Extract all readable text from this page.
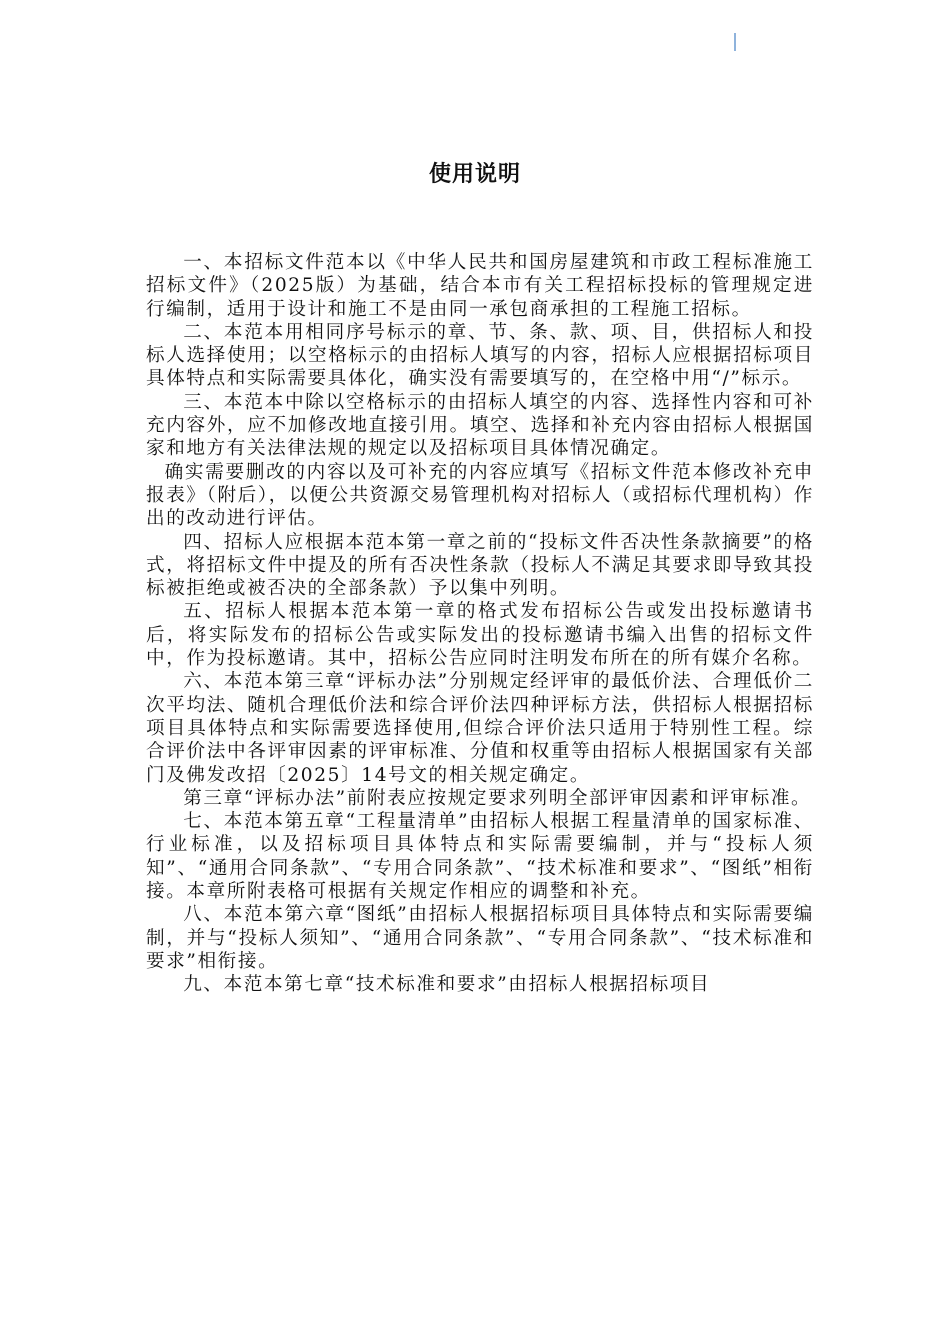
使用说明

一、本招标文件范本以《中华人民共和国房屋建筑和市政工程标准施工招标文件》（2025版）为基础，结合本市有关工程招标投标的管理规定进行编制，适用于设计和施工不是由同一承包商承担的工程施工招标。

二、本范本用相同序号标示的章、节、条、款、项、目，供招标人和投标人选择使用；以空格标示的由招标人填写的内容，招标人应根据招标项目具体特点和实际需要具体化，确实没有需要填写的，在空格中用“/”标示。

三、本范本中除以空格标示的由招标人填空的内容、选择性内容和可补充内容外，应不加修改地直接引用。填空、选择和补充内容由招标人根据国家和地方有关法律法规的规定以及招标项目具体情况确定。

确实需要删改的内容以及可补充的内容应填写《招标文件范本修改补充申报表》（附后），以便公共资源交易管理机构对招标人（或招标代理机构）作出的改动进行评估。

四、招标人应根据本范本第一章之前的“投标文件否决性条款摘要”的格式，将招标文件中提及的所有否决性条款（投标人不满足其要求即导致其投标被拒绝或被否决的全部条款）予以集中列明。

五、招标人根据本范本第一章的格式发布招标公告或发出投标邀请书后，将实际发布的招标公告或实际发出的投标邀请书编入出售的招标文件中，作为投标邀请。其中，招标公告应同时注明发布所在的所有媒介名称。

六、本范本第三章“评标办法”分别规定经评审的最低价法、合理低价二次平均法、随机合理低价法和综合评价法四种评标方法，供招标人根据招标项目具体特点和实际需要选择使用,但综合评价法只适用于特别性工程。综合评价法中各评审因素的评审标准、分值和权重等由招标人根据国家有关部门及佛发改招〔2025〕14号文的相关规定确定。

第三章“评标办法”前附表应按规定要求列明全部评审因素和评审标准。

七、本范本第五章“工程量清单”由招标人根据工程量清单的国家标准、行业标准，以及招标项目具体特点和实际需要编制，并与“投标人须知”、“通用合同条款”、“专用合同条款”、“技术标准和要求”、“图纸”相衔接。本章所附表格可根据有关规定作相应的调整和补充。

八、本范本第六章“图纸”由招标人根据招标项目具体特点和实际需要编制，并与“投标人须知”、“通用合同条款”、“专用合同条款”、“技术标准和要求”相衔接。

九、本范本第七章“技术标准和要求”由招标人根据招标项目
